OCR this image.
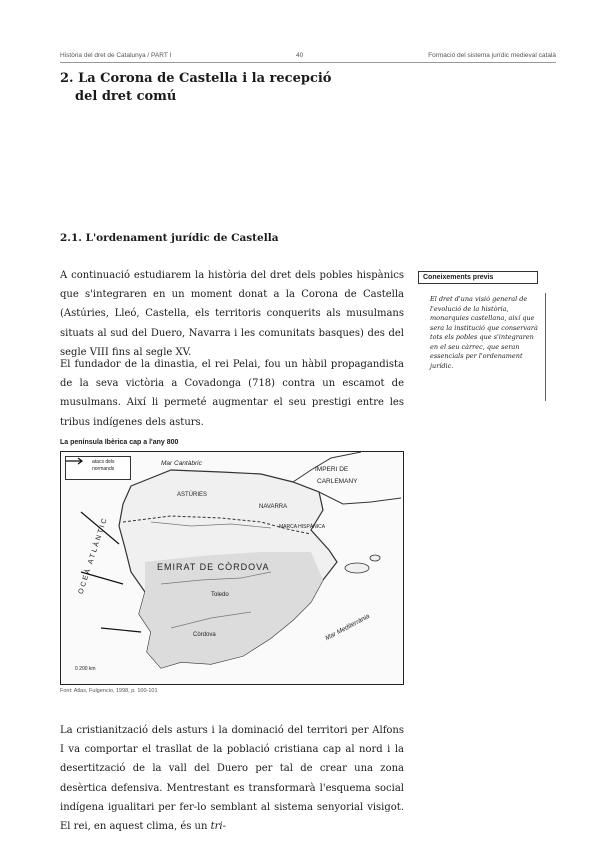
Història del dret de Catalunya / PART I	40	Formació del sistema jurídic medieval català
2. La Corona de Castella i la recepció
del dret comú
2.1. L'ordenament jurídic de Castella

A continuació estudiarem la història del dret dels pobles hispànics que s'integraren en un moment donat a la Corona de Castella (Astúries, Lleó, Castella, els territoris conquerits als musulmans situats al sud del Duero, Navarra i les comunitats basques) des del segle VIII fins al segle XV.

El fundador de la dinastia, el rei Pelai, fou un hàbil propagandista de la seva victòria a Covadonga (718) contra un escamot de musulmans. Així li permeté augmentar el seu prestigi entre les tribus indígenes dels asturs.

Coneixements previs

El dret d'una visió general de l'evolució de la història, monarquies castellana, així que sera la institució que conservarà tots els pobles que s'integraren en el seu càrrec, que seran essencials per l'ordenament jurídic.

La península Ibèrica cap a l'any 800
atacs dels normands
ASTÚRIES
NAVARRA
MARCA HISPÀNICA
EMIRAT DE CÒRDOVA
IMPERI DE
CARLEMANY
Còrdova
Toledo
Mar Mediterrània
OCEÀ ATLÀNTIC
Mar Cantàbric
0 200 km
Font: Atlas, Fulgencio, 1998, p. 100-101

La cristianització dels asturs i la dominació del territori per Alfons I va comportar el trasllat de la població cristiana cap al nord i la desertització de la vall del Duero per tal de crear una zona desèrtica defensiva. Mentrestant es transformarà l'esquema social indígena igualitari per fer-lo semblant al sistema senyorial visigot. El rei, en aquest clima, és un tri-
